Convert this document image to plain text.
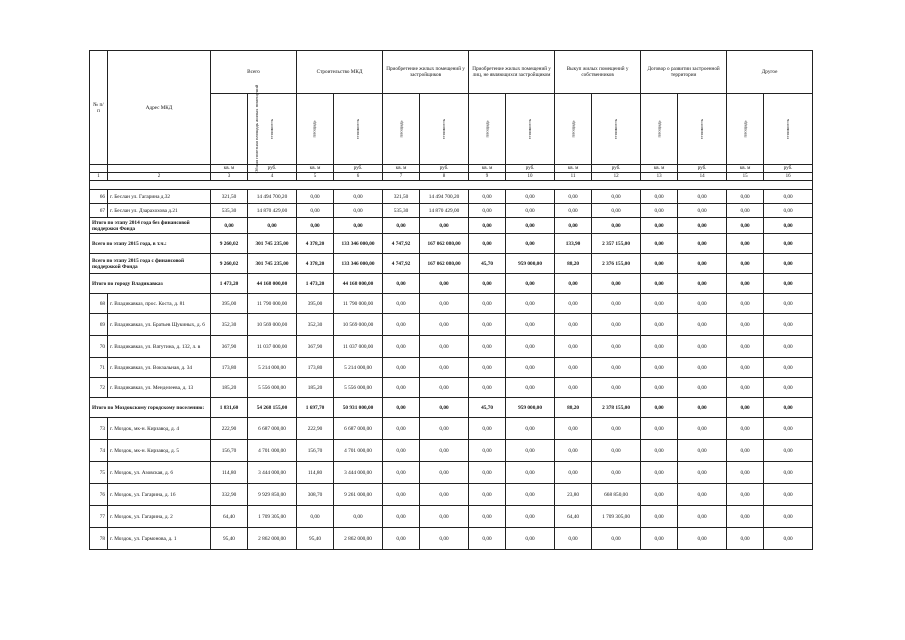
№ п/п	Адрес МКД	Всего		Строительство МКД		Приобретение жилых помещений у застройщиков		Приобретение жилых помещений у лиц, не являющихся застройщиком		Выкуп жилых помещений у собственников		Договор о развитии застроенной территории		Другое	
		Общая полезная площадь жилых помещений	стоимость	площадь	стоимость	площадь	стоимость	площадь	стоимость	площадь	стоимость	площадь	стоимость	площадь	стоимость
		кв. м	руб.	кв. м	руб.	кв. м	руб.	кв. м	руб.	кв. м	руб.	кв. м	руб.	кв. м	руб.
1	2	3	4	5	6	7	8	9	10	11	12	13	14	15	16

66	г. Беслан ул. Гагарина д.32	321,50	14 494 700,20	0,00	0,00	321,50	14 494 700,20	0,00	0,00	0,00	0,00	0,00	0,00	0,00	0,00
67	г. Беслан ул. Дзарахохова д.21	535,30	14 870 429,00	0,00	0,00	535,30	14 870 429,00	0,00	0,00	0,00	0,00	0,00	0,00	0,00	0,00
Итого по этапу 2014 года без финансовой поддержки Фонда		0,00	0,00	0,00	0,00	0,00	0,00	0,00	0,00	0,00	0,00	0,00	0,00	0,00	0,00
Всего по этапу 2015 года, в т.ч.:		9 260,02	301 745 235,00	4 378,20	133 346 000,00	4 747,92	167 062 080,00	0,00	0,00	133,90	2 357 155,00	0,00	0,00	0,00	0,00
Всего по этапу 2015 года с финансовой поддержкой Фонда		9 260,02	301 745 235,00	4 378,20	133 346 000,00	4 747,92	167 062 080,00	45,70	959 000,00	88,20	2 376 155,00	0,00	0,00	0,00	0,00
Итого по городу Владикавказ		1 473,20	44 168 000,00	1 473,20	44 168 000,00	0,00	0,00	0,00	0,00	0,00	0,00	0,00	0,00	0,00	0,00
68	г. Владикавказ, прос. Коста, д. 81	395,00	11 790 000,00	395,00	11 790 000,00	0,00	0,00	0,00	0,00	0,00	0,00	0,00	0,00	0,00	0,00
69	г. Владикавказ, ул. Братьев Щукиных, д. 6	352,30	10 569 000,00	352,30	10 569 000,00	0,00	0,00	0,00	0,00	0,00	0,00	0,00	0,00	0,00	0,00
70	г. Владикавказ, ул. Ватутина, д. 132, л. в	367,90	11 037 000,00	367,90	11 037 000,00	0,00	0,00	0,00	0,00	0,00	0,00	0,00	0,00	0,00	0,00
71	г. Владикавказ, ул. Вокзальная, д. 34	173,80	5 214 000,00	173,80	5 214 000,00	0,00	0,00	0,00	0,00	0,00	0,00	0,00	0,00	0,00	0,00
72	г. Владикавказ, ул. Менделеева, д. 13	185,20	5 556 000,00	185,20	5 556 000,00	0,00	0,00	0,00	0,00	0,00	0,00	0,00	0,00	0,00	0,00
Итого по Моздокскому городскому поселению:		1 831,60	54 268 155,00	1 697,70	50 931 000,00	0,00	0,00	45,70	959 000,00	88,20	2 378 155,00	0,00	0,00	0,00	0,00
73	г. Моздок, мк-н. Кирзавод, д. 4	222,90	6 687 000,00	222,90	6 687 000,00	0,00	0,00	0,00	0,00	0,00	0,00	0,00	0,00	0,00	0,00
74	г. Моздок, мк-н. Кирзавод, д. 5	156,70	4 701 000,00	156,70	4 701 000,00	0,00	0,00	0,00	0,00	0,00	0,00	0,00	0,00	0,00	0,00
75	г. Моздок, ул. Азовская, д. 6	114,80	3 444 000,00	114,80	3 444 000,00	0,00	0,00	0,00	0,00	0,00	0,00	0,00	0,00	0,00	0,00
76	г. Моздок, ул. Гагарина, д. 16	332,90	9 929 850,00	308,70	9 261 000,00	0,00	0,00	0,00	0,00	23,80	668 850,00	0,00	0,00	0,00	0,00
77	г. Моздок, ул. Гагарина, д. 2	64,40	1 709 305,00	0,00	0,00	0,00	0,00	0,00	0,00	64,40	1 709 305,00	0,00	0,00	0,00	0,00
78	г. Моздок, ул. Гармонова, д. 1	95,40	2 862 000,00	95,40	2 862 000,00	0,00	0,00	0,00	0,00	0,00	0,00	0,00	0,00	0,00	0,00
